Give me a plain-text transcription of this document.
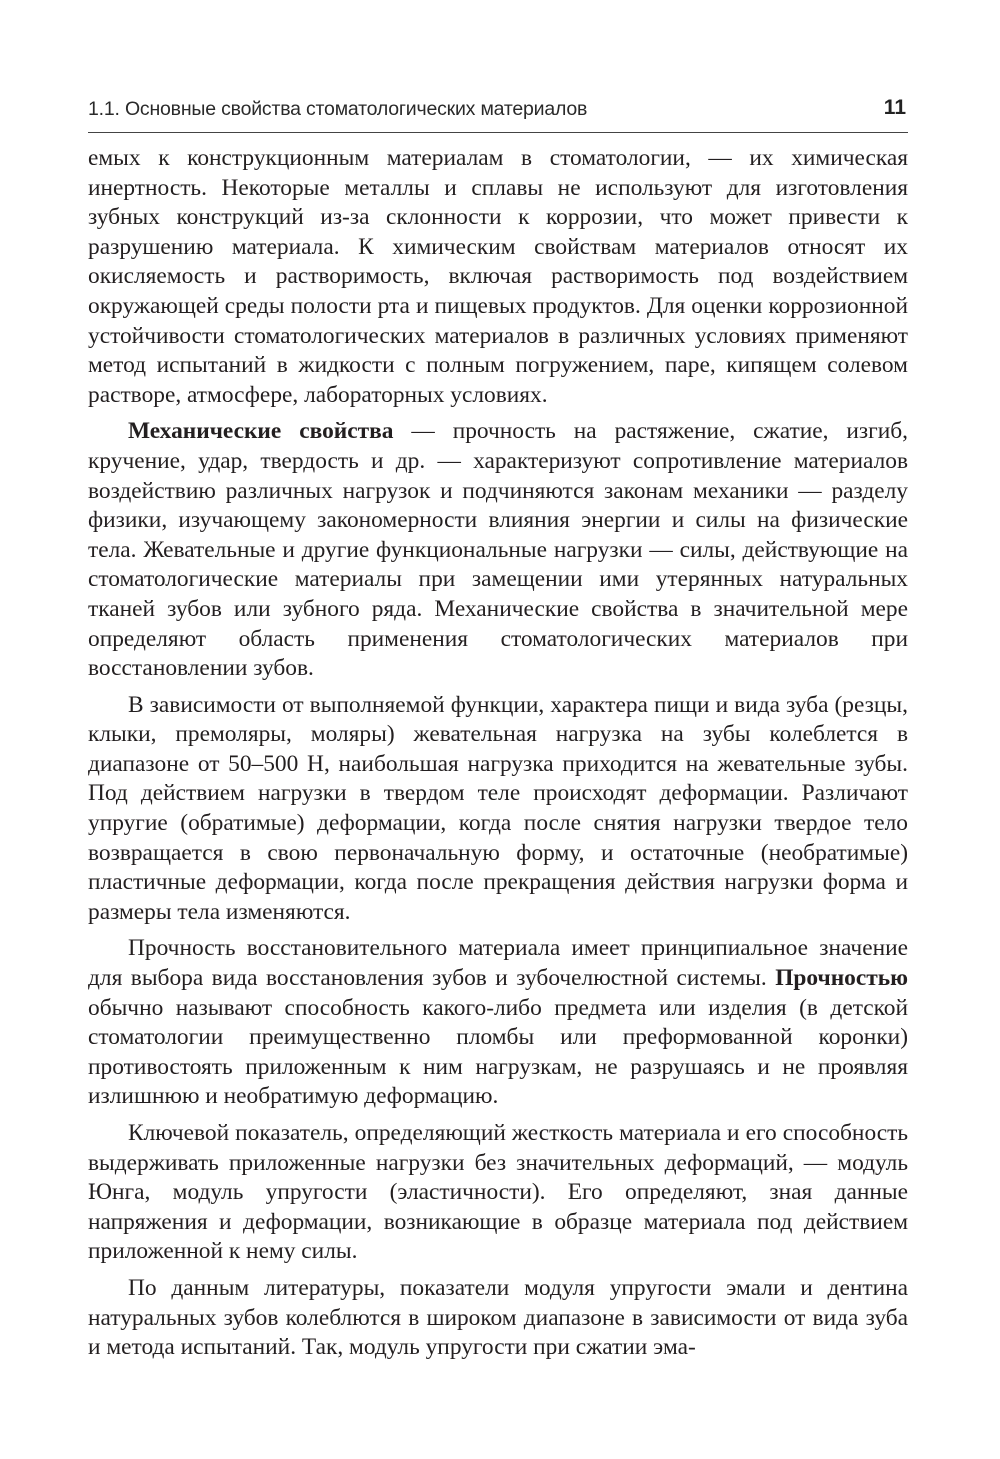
1.1. Основные свойства стоматологических материалов	11

емых к конструкционным материалам в стоматологии, — их химическая инертность. Некоторые металлы и сплавы не используют для изготовления зубных конструкций из-за склонности к коррозии, что может привести к разрушению материала. К химическим свойствам материалов относят их окисляемость и растворимость, включая растворимость под воздействием окружающей среды полости рта и пищевых продуктов. Для оценки коррозионной устойчивости стоматологических материалов в различных условиях применяют метод испытаний в жидкости с полным погружением, паре, кипящем солевом растворе, атмосфере, лабораторных условиях.

Механические свойства — прочность на растяжение, сжатие, изгиб, кручение, удар, твердость и др. — характеризуют сопротивление материалов воздействию различных нагрузок и подчиняются законам механики — разделу физики, изучающему закономерности влияния энергии и силы на физические тела. Жевательные и другие функциональные нагрузки — силы, действующие на стоматологические материалы при замещении ими утерянных натуральных тканей зубов или зубного ряда. Механические свойства в значительной мере определяют область применения стоматологических материалов при восстановлении зубов.

В зависимости от выполняемой функции, характера пищи и вида зуба (резцы, клыки, премоляры, моляры) жевательная нагрузка на зубы колеблется в диапазоне от 50–500 Н, наибольшая нагрузка приходится на жевательные зубы. Под действием нагрузки в твердом теле происходят деформации. Различают упругие (обратимые) деформации, когда после снятия нагрузки твердое тело возвращается в свою первоначальную форму, и остаточные (необратимые) пластичные деформации, когда после прекращения действия нагрузки форма и размеры тела изменяются.

Прочность восстановительного материала имеет принципиальное значение для выбора вида восстановления зубов и зубочелюстной системы. Прочностью обычно называют способность какого-либо предмета или изделия (в детской стоматологии преимущественно пломбы или преформованной коронки) противостоять приложенным к ним нагрузкам, не разрушаясь и не проявляя излишнюю и необратимую деформацию.

Ключевой показатель, определяющий жесткость материала и его способность выдерживать приложенные нагрузки без значительных деформаций, — модуль Юнга, модуль упругости (эластичности). Его определяют, зная данные напряжения и деформации, возникающие в образце материала под действием приложенной к нему силы.

По данным литературы, показатели модуля упругости эмали и дентина натуральных зубов колеблются в широком диапазоне в зависимости от вида зуба и метода испытаний. Так, модуль упругости при сжатии эма-
